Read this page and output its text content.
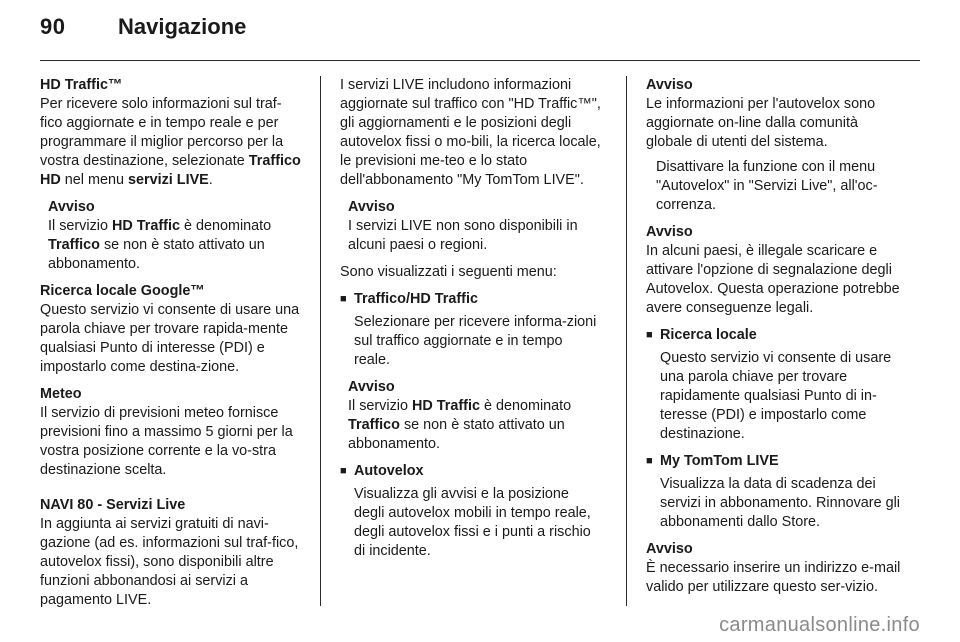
90 Navigazione

HD Traffic™
Per ricevere solo informazioni sul traf-fico aggiornate e in tempo reale e per programmare il miglior percorso per la vostra destinazione, selezionate Traffico HD nel menu servizi LIVE.

Avviso
Il servizio HD Traffic è denominato Traffico se non è stato attivato un abbonamento.

Ricerca locale Google™
Questo servizio vi consente di usare una parola chiave per trovare rapida-mente qualsiasi Punto di interesse (PDI) e impostarlo come destina-zione.

Meteo
Il servizio di previsioni meteo fornisce previsioni fino a massimo 5 giorni per la vostra posizione corrente e la vo-stra destinazione scelta.

NAVI 80 - Servizi Live
In aggiunta ai servizi gratuiti di navi-gazione (ad es. informazioni sul traf-fico, autovelox fissi), sono disponibili altre funzioni abbonandosi ai servizi a pagamento LIVE.

I servizi LIVE includono informazioni aggiornate sul traffico con "HD Traffic™", gli aggiornamenti e le posizioni degli autovelox fissi o mo-bili, la ricerca locale, le previsioni me-teo e lo stato dell'abbonamento "My TomTom LIVE".

Avviso
I servizi LIVE non sono disponibili in alcuni paesi o regioni.

Sono visualizzati i seguenti menu:

■ Traffico/HD Traffic
Selezionare per ricevere informa-zioni sul traffico aggiornate e in tempo reale.
Avviso
Il servizio HD Traffic è denominato Traffico se non è stato attivato un abbonamento.
■ Autovelox
Visualizza gli avvisi e la posizione degli autovelox mobili in tempo reale, degli autovelox fissi e i punti a rischio di incidente.
Avviso
Le informazioni per l'autovelox sono aggiornate on-line dalla comunità globale di utenti del sistema.
Disattivare la funzione con il menu "Autovelox" in "Servizi Live", all'oc-correnza.
Avviso
In alcuni paesi, è illegale scaricare e attivare l'opzione di segnalazione degli Autovelox. Questa operazione potrebbe avere conseguenze legali.
■ Ricerca locale
Questo servizio vi consente di usare una parola chiave per trovare rapidamente qualsiasi Punto di in-teresse (PDI) e impostarlo come destinazione.
■ My TomTom LIVE
Visualizza la data di scadenza dei servizi in abbonamento. Rinnovare gli abbonamenti dallo Store.
Avviso
È necessario inserire un indirizzo e-mail valido per utilizzare questo ser-vizio.
carmanualsonline.info
